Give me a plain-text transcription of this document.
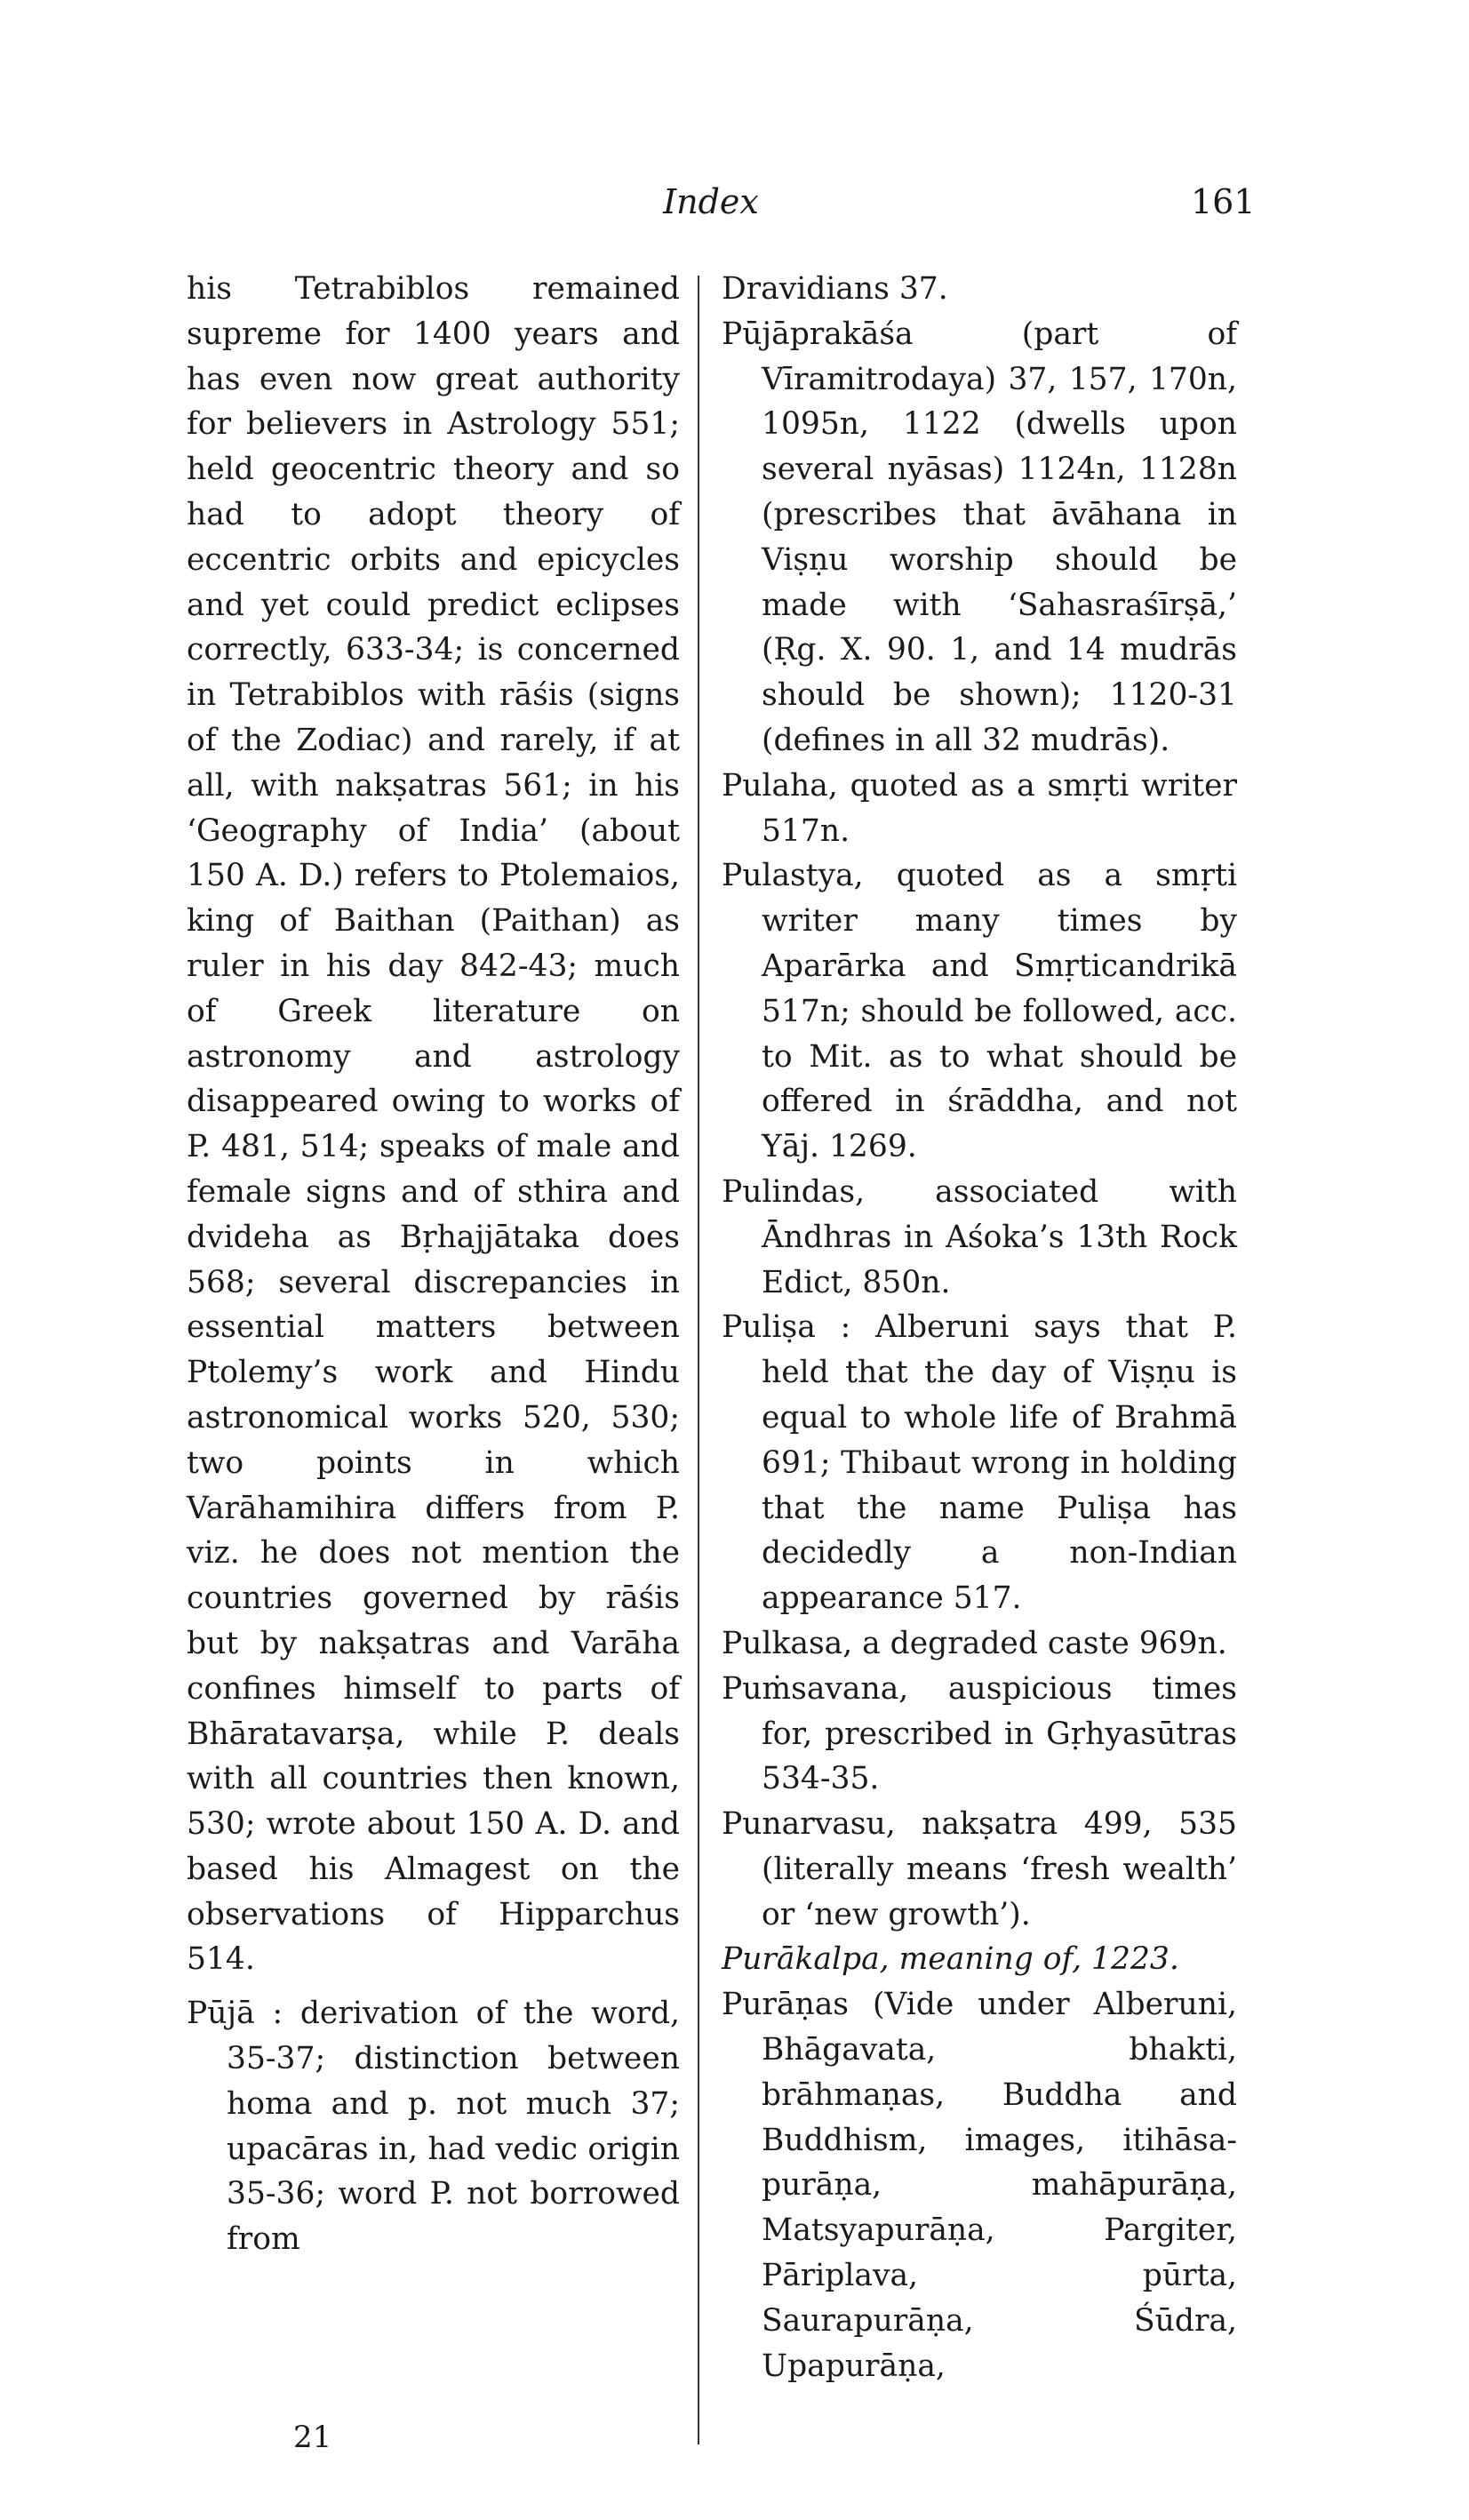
Index	161
his Tetrabiblos remained supreme for 1400 years and has even now great authority for believers in Astrology 551; held geocentric theory and so had to adopt theory of eccentric orbits and epicycles and yet could predict eclipses correctly, 633-34; is concerned in Tetrabiblos with rāśis (signs of the Zodiac) and rarely, if at all, with nakṣatras 561; in his ‘Geography of India’ (about 150 A. D.) refers to Ptolemaios, king of Baithan (Paithan) as ruler in his day 842-43; much of Greek literature on astronomy and astrology disappeared owing to works of P. 481, 514; speaks of male and female signs and of sthira and dvideha as Bṛhajjātaka does 568; several discrepancies in essential matters between Ptolemy’s work and Hindu astronomical works 520, 530; two points in which Varāhamihira differs from P. viz. he does not mention the countries governed by rāśis but by nakṣatras and Varāha confines himself to parts of Bhāratavarṣa, while P. deals with all countries then known, 530; wrote about 150 A. D. and based his Almagest on the observations of Hipparchus 514.
Pūjā : derivation of the word, 35-37; distinction between homa and p. not much 37; upacāras in, had vedic origin 35-36; word P. not borrowed from
Dravidians 37.
Pūjāprakāśa (part of Vīramitrodaya) 37, 157, 170n, 1095n, 1122 (dwells upon several nyāsas) 1124n, 1128n (prescribes that āvāhana in Viṣṇu worship should be made with ‘Sahasraśīrṣā,’ (Ṛg. X. 90. 1, and 14 mudrās should be shown); 1120-31 (defines in all 32 mudrās).
Pulaha, quoted as a smṛti writer 517n.
Pulastya, quoted as a smṛti writer many times by Aparārka and Smṛticandrikā 517n; should be followed, acc. to Mit. as to what should be offered in śrāddha, and not Yāj. 1269.
Pulindas, associated with Āndhras in Aśoka’s 13th Rock Edict, 850n.
Puliṣa : Alberuni says that P. held that the day of Viṣṇu is equal to whole life of Brahmā 691; Thibaut wrong in holding that the name Puliṣa has decidedly a non-Indian appearance 517.
Pulkasa, a degraded caste 969n.
Puṁsavana, auspicious times for, prescribed in Gṛhyasūtras 534-35.
Punarvasu, nakṣatra 499, 535 (literally means ‘fresh wealth’ or ‘new growth’).
Purākalpa, meaning of, 1223.
Purāṇas (Vide under Alberuni, Bhāgavata, bhakti, brāhmaṇas, Buddha and Buddhism, images, itihāsa-purāṇa, mahāpurāṇa, Matsyapurāṇa, Pargiter, Pāriplava, pūrta, Saurapurāṇa, Śūdra, Upapurāṇa,
21
